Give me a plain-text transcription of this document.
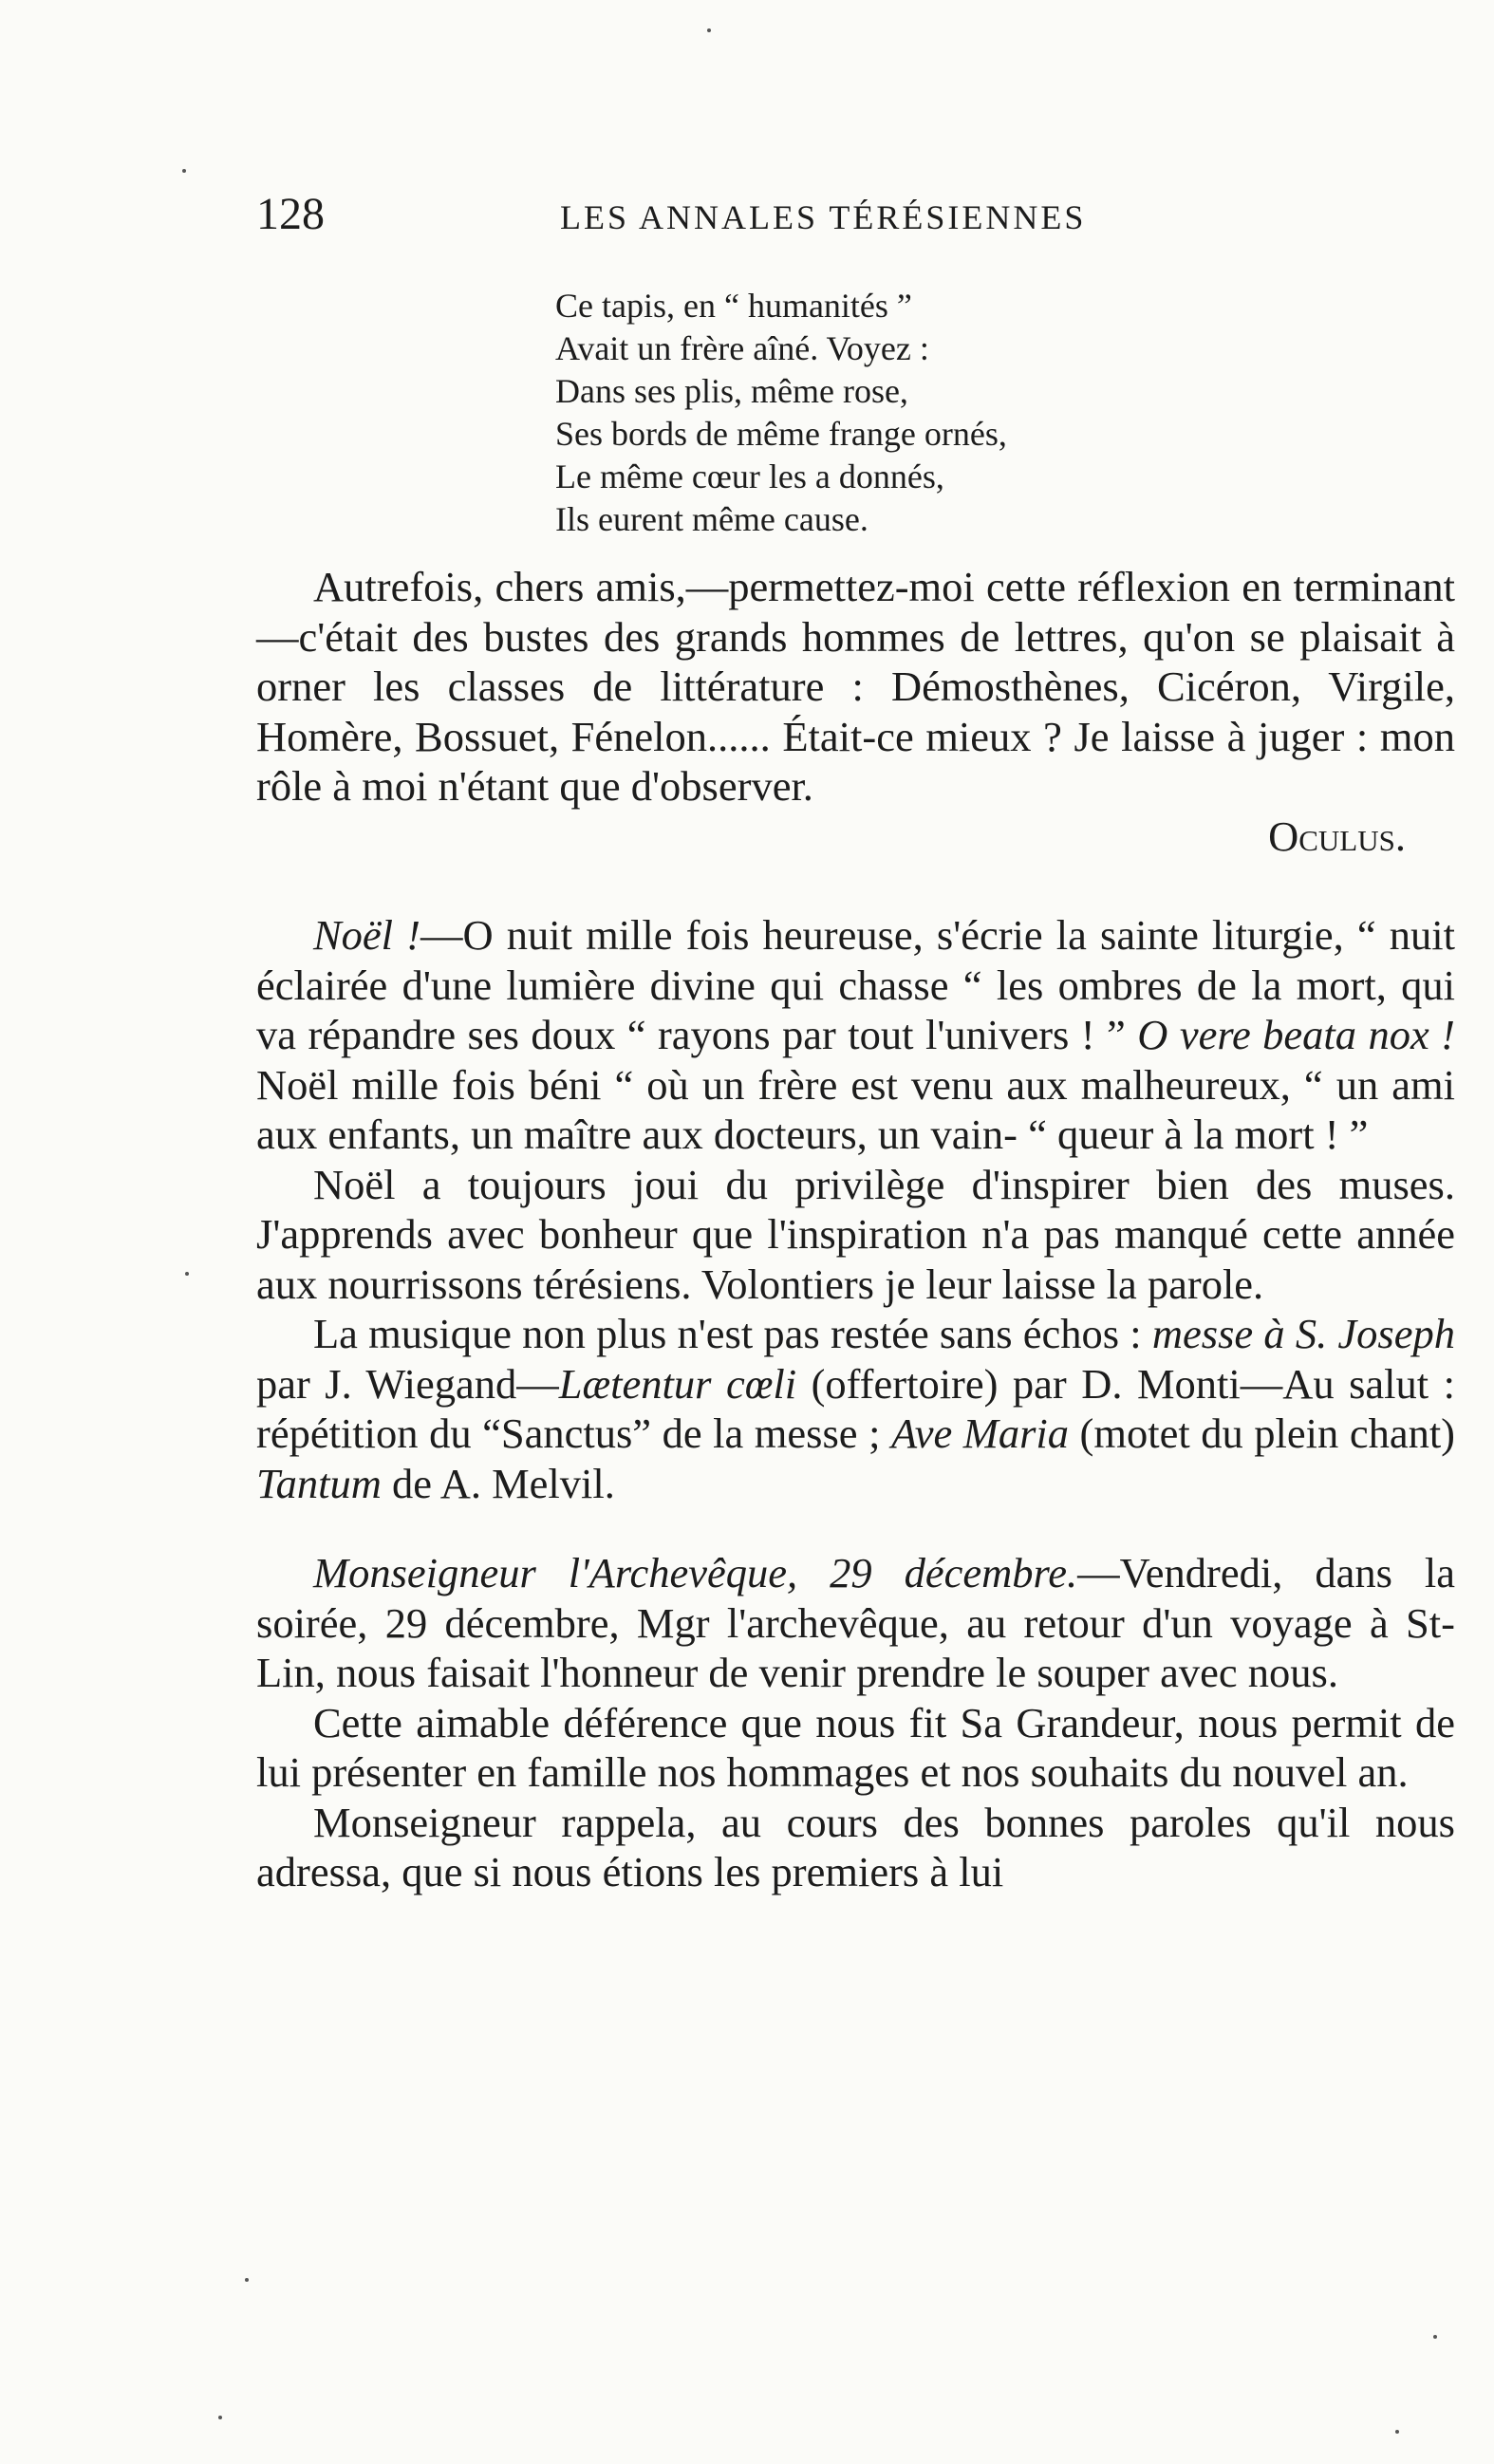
128	LES ANNALES TÉRÉSIENNES
Ce tapis, en “ humanités ”
Avait un frère aîné. Voyez :
Dans ses plis, même rose,
Ses bords de même frange ornés,
Le même cœur les a donnés,
Ils eurent même cause.

Autrefois, chers amis,—permettez-moi cette réflexion en terminant—c'était des bustes des grands hommes de lettres, qu'on se plaisait à orner les classes de littérature : Démosthènes, Cicéron, Virgile, Homère, Bossuet, Fénelon...... Était-ce mieux ? Je laisse à juger : mon rôle à moi n'étant que d'observer.

Oculus.

Noël !—O nuit mille fois heureuse, s'écrie la sainte liturgie, “ nuit éclairée d'une lumière divine qui chasse “ les ombres de la mort, qui va répandre ses doux “ rayons par tout l'univers ! ” O vere beata nox ! Noël mille fois béni “ où un frère est venu aux malheureux, “ un ami aux enfants, un maître aux docteurs, un vain- “ queur à la mort ! ”

Noël a toujours joui du privilège d'inspirer bien des muses. J'apprends avec bonheur que l'inspiration n'a pas manqué cette année aux nourrissons térésiens. Volontiers je leur laisse la parole.

La musique non plus n'est pas restée sans échos : messe à S. Joseph par J. Wiegand—Lætentur cœli (offertoire) par D. Monti—Au salut : répétition du “Sanctus” de la messe ; Ave Maria (motet du plein chant) Tantum de A. Melvil.

Monseigneur l'Archevêque, 29 décembre.—Vendredi, dans la soirée, 29 décembre, Mgr l'archevêque, au retour d'un voyage à St-Lin, nous faisait l'honneur de venir prendre le souper avec nous.

Cette aimable déférence que nous fit Sa Grandeur, nous permit de lui présenter en famille nos hommages et nos souhaits du nouvel an.

Monseigneur rappela, au cours des bonnes paroles qu'il nous adressa, que si nous étions les premiers à lui
